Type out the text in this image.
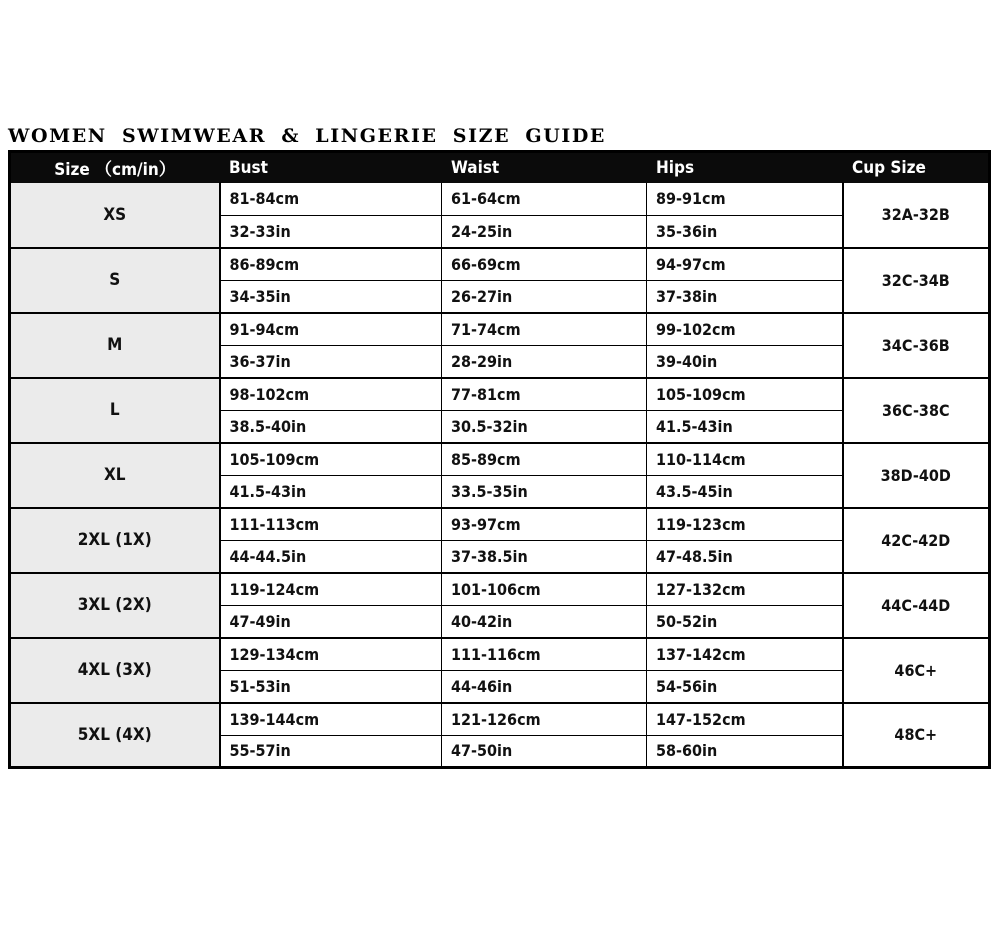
WOMEN SWIMWEAR & LINGERIE SIZE GUIDE
Size （cm/in）	Bust	Waist	Hips	Cup Size
XS	81-84cm	61-64cm	89-91cm	32A-32B
	32-33in	24-25in	35-36in	
S	86-89cm	66-69cm	94-97cm	32C-34B
	34-35in	26-27in	37-38in	
M	91-94cm	71-74cm	99-102cm	34C-36B
	36-37in	28-29in	39-40in	
L	98-102cm	77-81cm	105-109cm	36C-38C
	38.5-40in	30.5-32in	41.5-43in	
XL	105-109cm	85-89cm	110-114cm	38D-40D
	41.5-43in	33.5-35in	43.5-45in	
2XL (1X)	111-113cm	93-97cm	119-123cm	42C-42D
	44-44.5in	37-38.5in	47-48.5in	
3XL (2X)	119-124cm	101-106cm	127-132cm	44C-44D
	47-49in	40-42in	50-52in	
4XL (3X)	129-134cm	111-116cm	137-142cm	46C+
	51-53in	44-46in	54-56in	
5XL (4X)	139-144cm	121-126cm	147-152cm	48C+
	55-57in	47-50in	58-60in	
